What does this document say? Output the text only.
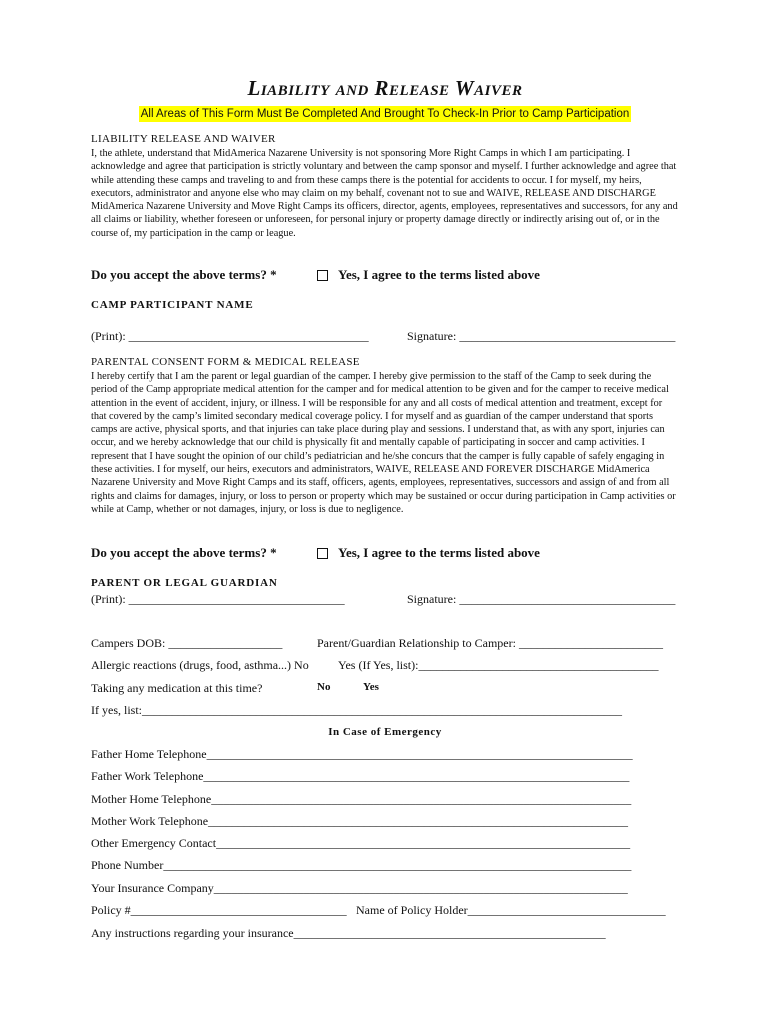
Liability and Release Waiver
All Areas of This Form Must Be Completed And Brought To Check-In Prior to Camp Participation
LIABILITY RELEASE AND WAIVER
I, the athlete, understand that MidAmerica Nazarene University is not sponsoring More Right Camps in which I am participating. I acknowledge and agree that participation is strictly voluntary and between the camp sponsor and myself. I further acknowledge and agree that while attending these camps and traveling to and from these camps there is the potential for accidents to occur. I for myself, my heirs, executors, administrator and anyone else who may claim on my behalf, covenant not to sue and WAIVE, RELEASE AND DISCHARGE MidAmerica Nazarene University and Move Right Camps its officers, director, agents, employees, representatives and successors, for any and all claims or liability, whether foreseen or unforeseen, for personal injury or property damage directly or indirectly arising out of, or in the course of, my participation in the camp or league.
Do you accept the above terms? *	Yes, I agree to the terms listed above
CAMP PARTICIPANT NAME
(Print): ________________________________________	Signature: ____________________________________
PARENTAL CONSENT FORM & MEDICAL RELEASE
I hereby certify that I am the parent or legal guardian of the camper. I hereby give permission to the staff of the Camp to seek during the period of the Camp appropriate medical attention for the camper and for medical attention to be given and for the camper to receive medical attention in the event of accident, injury, or illness. I will be responsible for any and all costs of medical attention and treatment, except for that covered by the camp’s limited secondary medical coverage policy. I for myself and as guardian of the camper understand that sports camps are active, physical sports, and that injuries can take place during play and sessions. I understand that, as with any sport, injuries can occur, and we hereby acknowledge that our child is physically fit and mentally capable of participating in soccer and camp activities. I represent that I have sought the opinion of our child’s pediatrician and he/she concurs that the camper is fully capable of safely engaging in these activities. I for myself, our heirs, executors and administrators, WAIVE, RELEASE AND FOREVER DISCHARGE MidAmerica Nazarene University and Move Right Camps and its staff, officers, agents, employees, representatives, successors and assign of and from all rights and claims for damages, injury, or loss to person or property which may be sustained or occur during participation in Camp activities or while at Camp, whether or not damages, injury, or loss is due to negligence.
Do you accept the above terms? *	Yes, I agree to the terms listed above
PARENT OR LEGAL GUARDIAN
(Print): ____________________________________	Signature: ____________________________________
Campers DOB: ___________________	Parent/Guardian Relationship to Camper: ________________________
Allergic reactions (drugs, food, asthma...) No Yes (If Yes, list):________________________________________
Taking any medication at this time?	No	Yes
If yes, list:________________________________________________________________________________
In Case of Emergency
Father Home Telephone_______________________________________________________________________
Father Work Telephone_______________________________________________________________________
Mother Home Telephone______________________________________________________________________
Mother Work Telephone______________________________________________________________________
Other Emergency Contact_____________________________________________________________________
Phone Number______________________________________________________________________________
Your Insurance Company_____________________________________________________________________
Policy #____________________________________ Name of Policy Holder_________________________________
Any instructions regarding your insurance____________________________________________________
